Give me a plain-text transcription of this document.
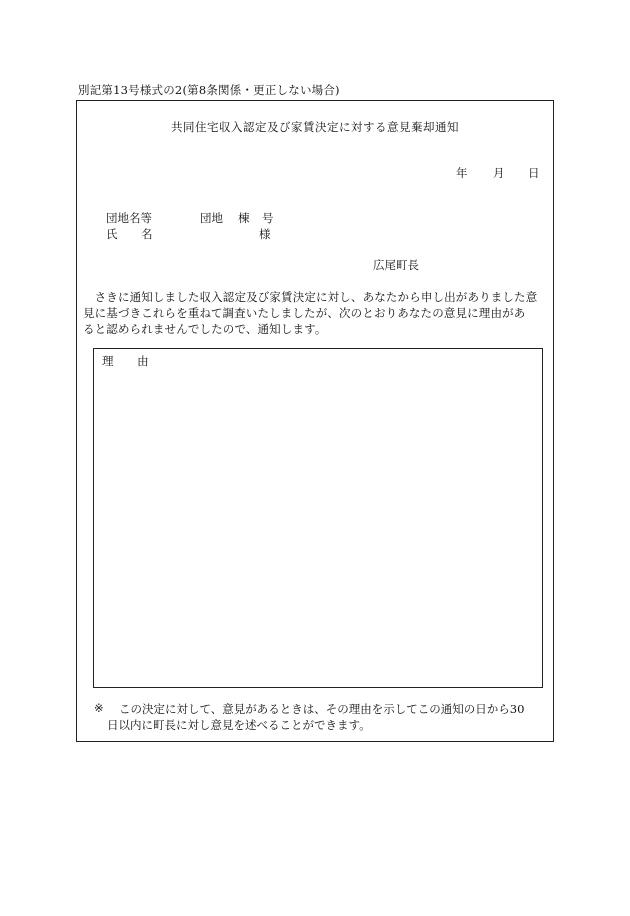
別記第13号様式の2(第8条関係・更正しない場合)
共同住宅収入認定及び家賃決定に対する意見棄却通知
年 月 日
団地名等	団地 棟 号
氏 名	様
広尾町長
　さきに通知しました収入認定及び家賃決定に対し、あなたから申し出がありました意
見に基づきこれらを重ねて調査いたしましたが、次のとおりあなたの意見に理由があ
ると認められませんでしたので、通知します。
理 由
※	この決定に対して、意見があるときは、その理由を示してこの通知の日から30
日以内に町長に対し意見を述べることができます。
